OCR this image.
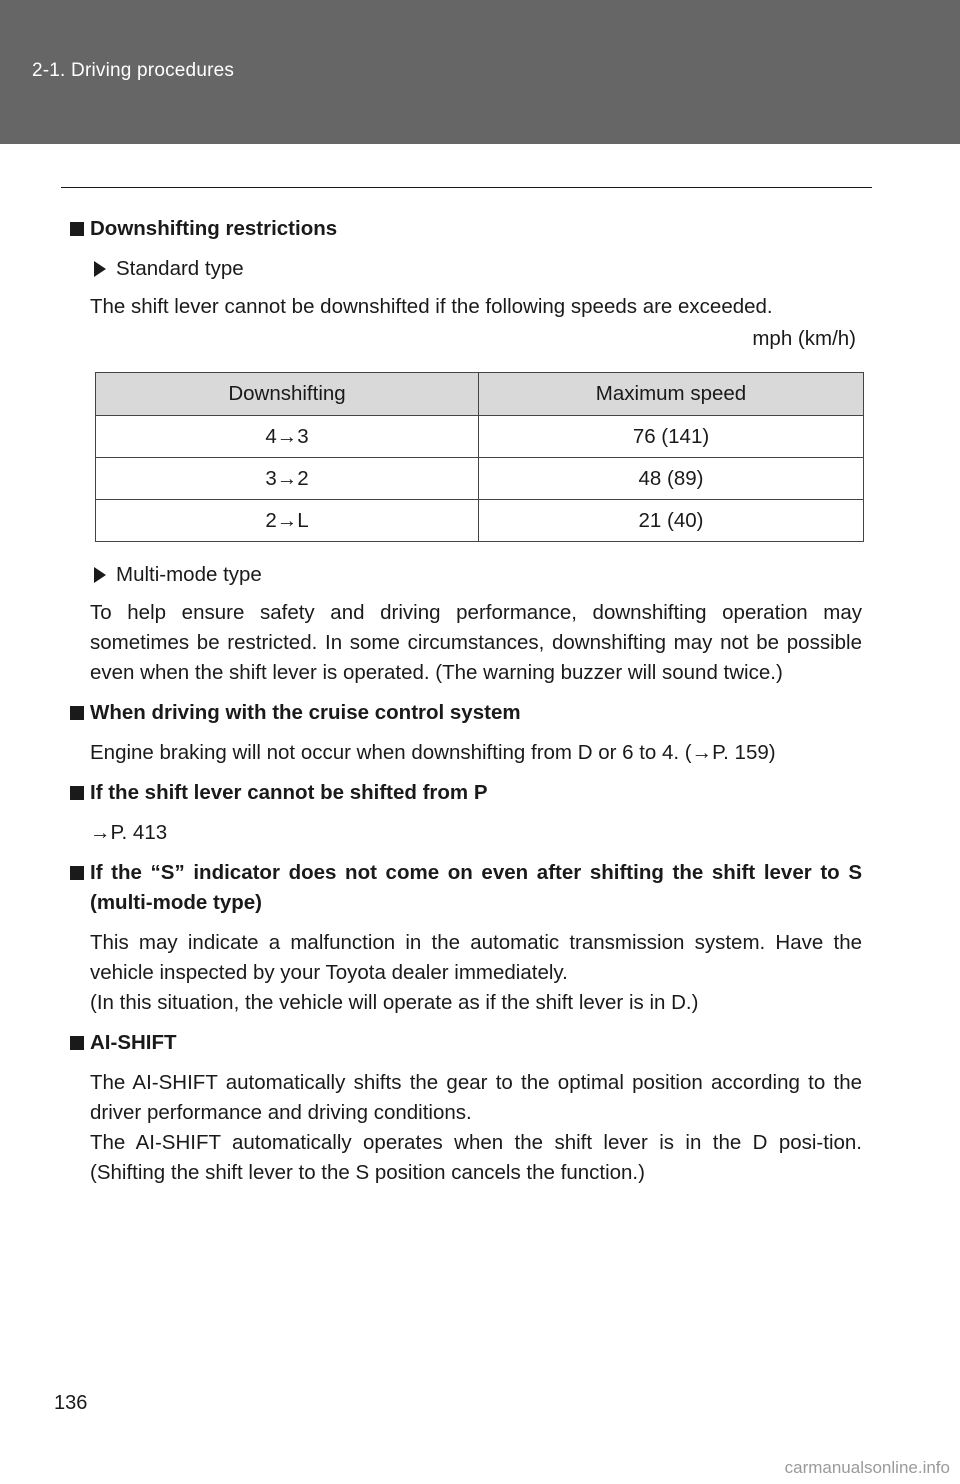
2-1. Driving procedures
Downshifting restrictions
Standard type

The shift lever cannot be downshifted if the following speeds are exceeded.

mph (km/h)

Downshifting	Maximum speed
4→3	76 (141)
3→2	48 (89)
2→L	21 (40)
Multi-mode type

To help ensure safety and driving performance, downshifting operation may sometimes be restricted. In some circumstances, downshifting may not be possible even when the shift lever is operated. (The warning buzzer will sound twice.)

When driving with the cruise control system

Engine braking will not occur when downshifting from D or 6 to 4. (→P. 159)

If the shift lever cannot be shifted from P

→P. 413

If the “S” indicator does not come on even after shifting the shift lever to S (multi-mode type)

This may indicate a malfunction in the automatic transmission system. Have the vehicle inspected by your Toyota dealer immediately.

(In this situation, the vehicle will operate as if the shift lever is in D.)

AI-SHIFT

The AI-SHIFT automatically shifts the gear to the optimal position according to the driver performance and driving conditions.

The AI-SHIFT automatically operates when the shift lever is in the D posi-tion. (Shifting the shift lever to the S position cancels the function.)

136
carmanualsonline.info
